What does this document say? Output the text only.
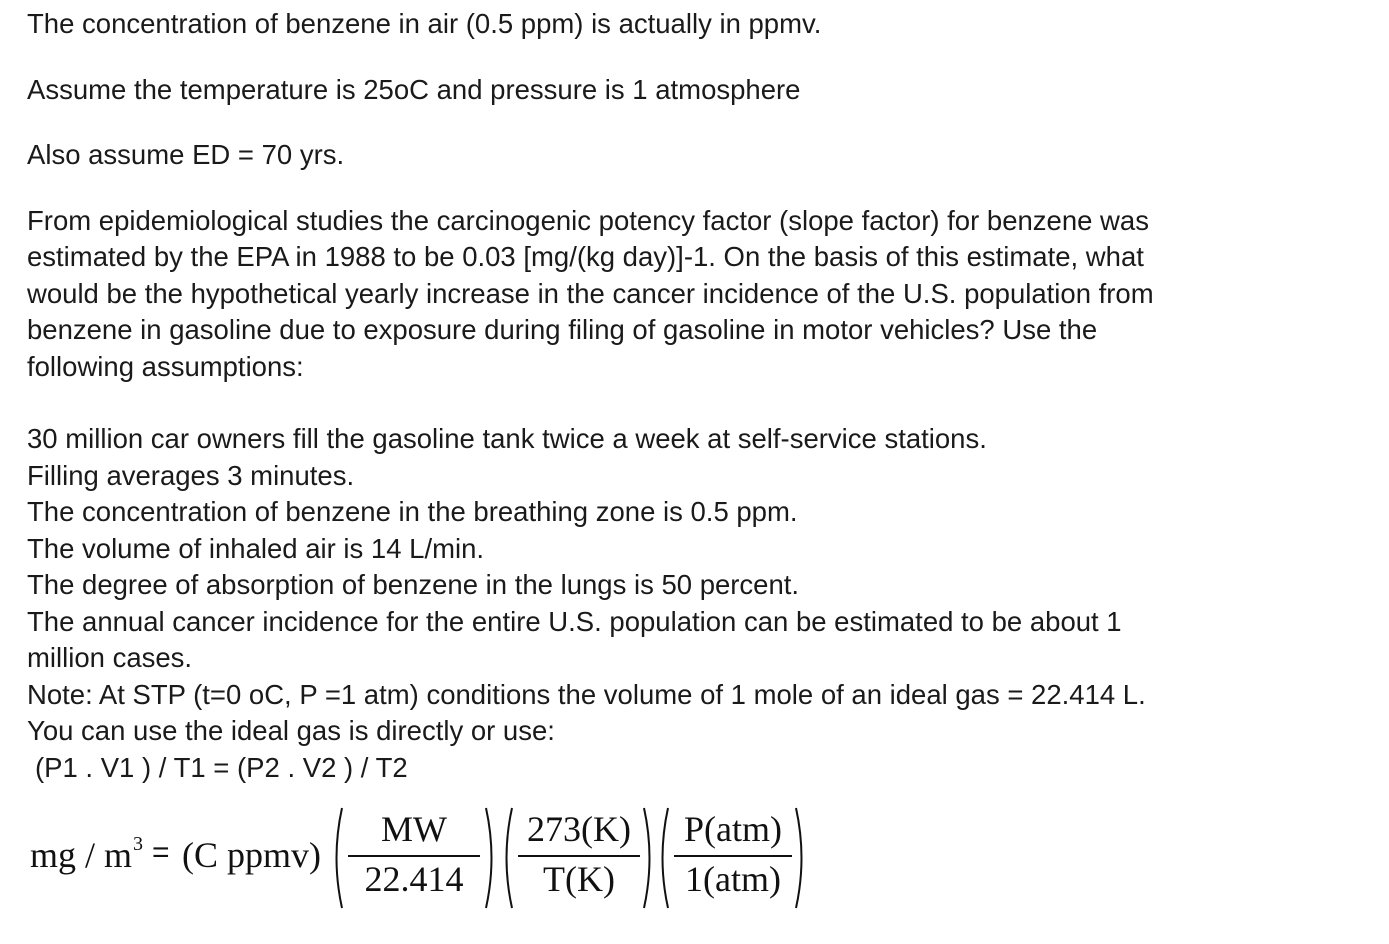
The concentration of benzene in air (0.5 ppm) is actually in ppmv.

Assume the temperature is 25oC and pressure is 1 atmosphere

Also assume ED = 70 yrs.

From epidemiological studies the carcinogenic potency factor (slope factor) for benzene was
estimated by the EPA in 1988 to be 0.03 [mg/(kg day)]-1. On the basis of this estimate, what
would be the hypothetical yearly increase in the cancer incidence of the U.S. population from
benzene in gasoline due to exposure during filing of gasoline in motor vehicles? Use the
following assumptions:
30 million car owners fill the gasoline tank twice a week at self-service stations.
Filling averages 3 minutes.
The concentration of benzene in the breathing zone is 0.5 ppm.
The volume of inhaled air is 14 L/min.
The degree of absorption of benzene in the lungs is 50 percent.
The annual cancer incidence for the entire U.S. population can be estimated to be about 1
million cases.
Note: At STP (t=0 oC, P =1 atm) conditions the volume of 1 mole of an ideal gas = 22.414 L.
You can use the ideal gas is directly or use:
(P1 . V1 ) / T1 = (P2 . V2 ) / T2
mg / $m^3 = (C$ ppmv)
MW
22.414
273(K)
T(K)
P(atm)
1(atm)
